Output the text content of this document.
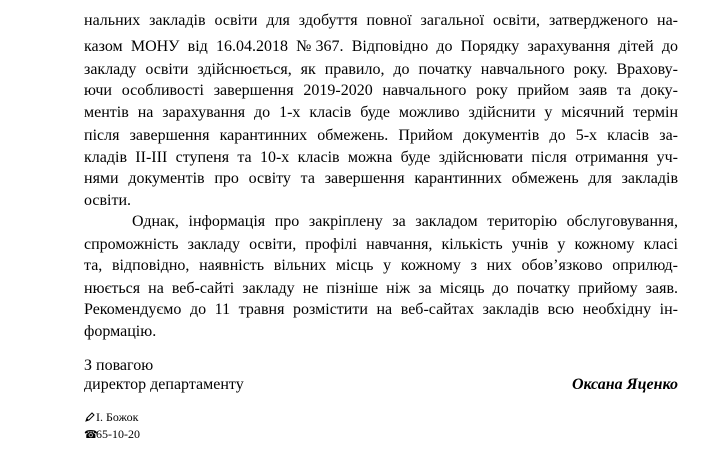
нальних закладів освіти для здобуття повної загальної освіти, затвердженого на-
казом МОНУ від 16.04.2018 №367. Відповідно до Порядку зарахування дітей до
закладу освіти здійснюється, як правило, до початку навчального року. Врахову-
ючи особливості завершення 2019-2020 навчального року прийом заяв та доку-
ментів на зарахування до 1-х класів буде можливо здійснити у місячний термін
після завершення карантинних обмежень. Прийом документів до 5-х класів за-
кладів ІІ-ІІІ ступеня та 10-х класів можна буде здійснювати після отримання уч-
нями документів про освіту та завершення карантинних обмежень для закладів
освіти.
Однак, інформація про закріплену за закладом територію обслуговування,
спроможність закладу освіти, профілі навчання, кількість учнів у кожному класі
та, відповідно, наявність вільних місць у кожному з них обов’язково оприлюд-
нюється на веб-сайті закладу не пізніше ніж за місяць до початку прийому заяв.
Рекомендуємо до 11 травня розмістити на веб-сайтах закладів всю необхідну ін-
формацію.
З повагою
директор департаменту	Оксана Яценко
І. Божок
☎65-10-20
